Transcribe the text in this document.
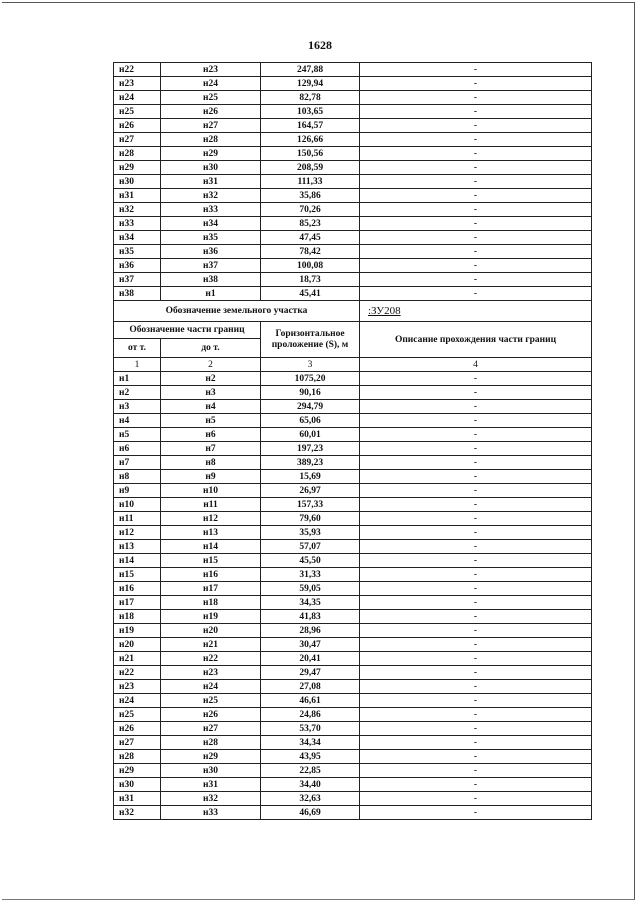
1628
н22	н23	247,88	-
н23	н24	129,94	-
н24	н25	82,78	-
н25	н26	103,65	-
н26	н27	164,57	-
н27	н28	126,66	-
н28	н29	150,56	-
н29	н30	208,59	-
н30	н31	111,33	-
н31	н32	35,86	-
н32	н33	70,26	-
н33	н34	85,23	-
н34	н35	47,45	-
н35	н36	78,42	-
н36	н37	100,08	-
н37	н38	18,73	-
н38	н1	45,41	-
Обозначение земельного участка			:ЗУ208
Обозначение части границ		Горизонтальное проложение (S), м	Описание прохождения части границ
от т.	до т.		
1	2	3	4
н1	н2	1075,20	-
н2	н3	90,16	-
н3	н4	294,79	-
н4	н5	65,06	-
н5	н6	60,01	-
н6	н7	197,23	-
н7	н8	389,23	-
н8	н9	15,69	-
н9	н10	26,97	-
н10	н11	157,33	-
н11	н12	79,60	-
н12	н13	35,93	-
н13	н14	57,07	-
н14	н15	45,50	-
н15	н16	31,33	-
н16	н17	59,05	-
н17	н18	34,35	-
н18	н19	41,83	-
н19	н20	28,96	-
н20	н21	30,47	-
н21	н22	20,41	-
н22	н23	29,47	-
н23	н24	27,08	-
н24	н25	46,61	-
н25	н26	24,86	-
н26	н27	53,70	-
н27	н28	34,34	-
н28	н29	43,95	-
н29	н30	22,85	-
н30	н31	34,40	-
н31	н32	32,63	-
н32	н33	46,69	-
